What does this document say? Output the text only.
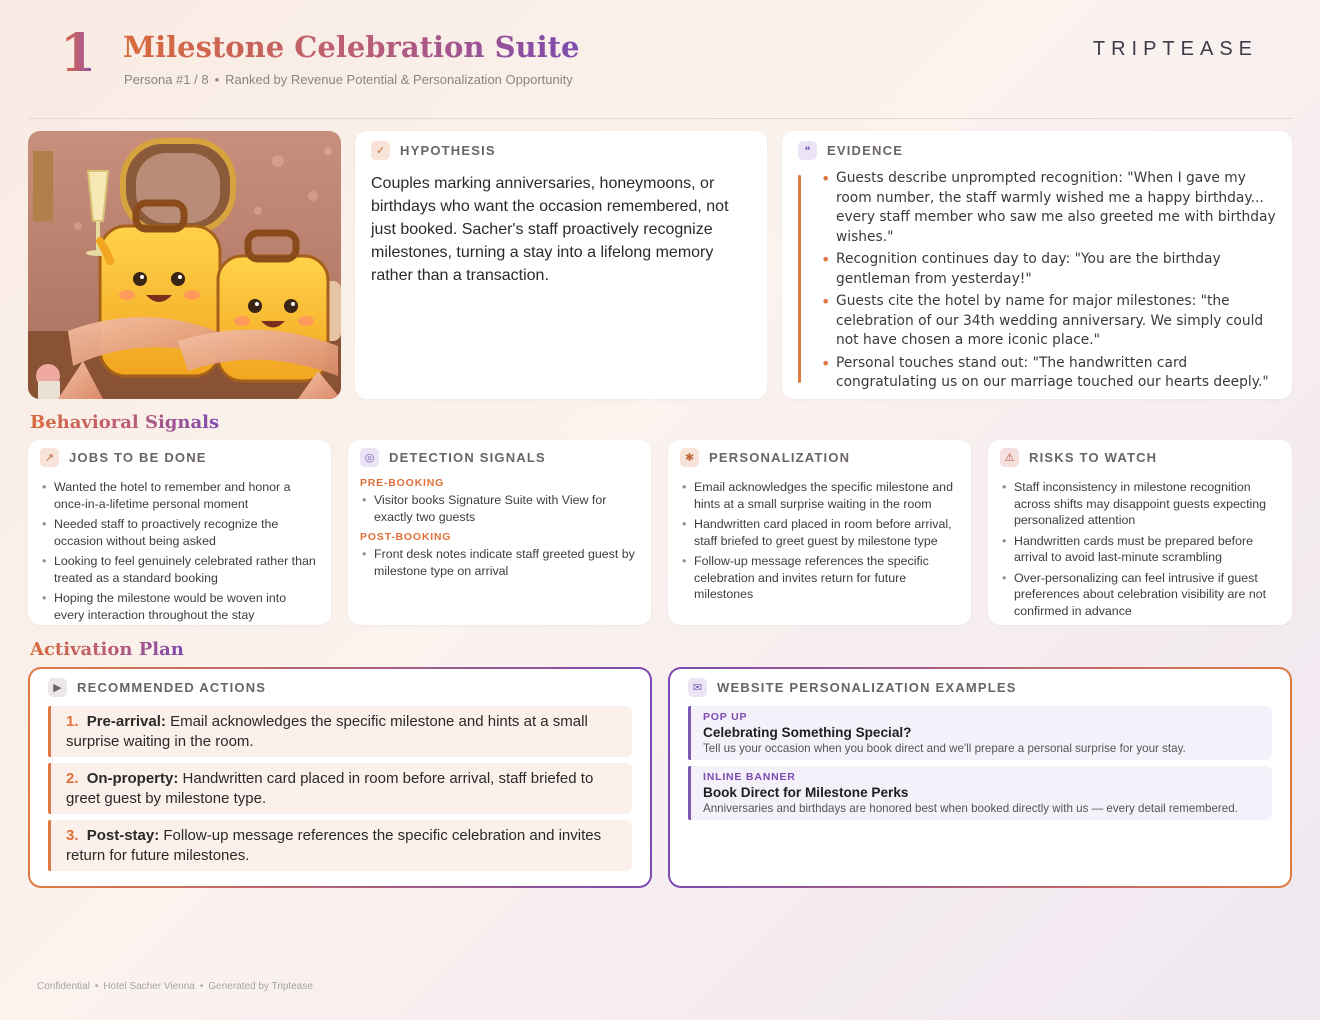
1 Milestone Celebration Suite
Persona #1 / 8 • Ranked by Revenue Potential & Personalization Opportunity
TRIPTEASE
✓	HYPOTHESIS

Couples marking anniversaries, honeymoons, or birthdays who want the occasion remembered, not just booked. Sacher's staff proactively recognize milestones, turning a stay into a lifelong memory rather than a transaction.

❝	EVIDENCE
• Guests describe unprompted recognition: "When I gave my room number, the staff warmly wished me a happy birthday... every staff member who saw me also greeted me with birthday wishes."
• Recognition continues day to day: "You are the birthday gentleman from yesterday!"
• Guests cite the hotel by name for major milestones: "the celebration of our 34th wedding anniversary. We simply could not have chosen a more iconic place."
• Personal touches stand out: "The handwritten card congratulating us on our marriage touched our hearts deeply."
Behavioral Signals
↗	JOBS TO BE DONE
• Wanted the hotel to remember and honor a once-in-a-lifetime personal moment
• Needed staff to proactively recognize the occasion without being asked
• Looking to feel genuinely celebrated rather than treated as a standard booking
• Hoping the milestone would be woven into every interaction throughout the stay
◎	DETECTION SIGNALS
PRE-BOOKING
• Visitor books Signature Suite with View for exactly two guests
POST-BOOKING
• Front desk notes indicate staff greeted guest by milestone type on arrival
✱	PERSONALIZATION
• Email acknowledges the specific milestone and hints at a small surprise waiting in the room
• Handwritten card placed in room before arrival, staff briefed to greet guest by milestone type
• Follow-up message references the specific celebration and invites return for future milestones
⚠	RISKS TO WATCH
• Staff inconsistency in milestone recognition across shifts may disappoint guests expecting personalized attention
• Handwritten cards must be prepared before arrival to avoid last-minute scrambling
• Over-personalizing can feel intrusive if guest preferences about celebration visibility are not confirmed in advance
Activation Plan
▶	RECOMMENDED ACTIONS
1. Pre-arrival: Email acknowledges the specific milestone and hints at a small surprise waiting in the room.
2. On-property: Handwritten card placed in room before arrival, staff briefed to greet guest by milestone type.
3. Post-stay: Follow-up message references the specific celebration and invites return for future milestones.
✉	WEBSITE PERSONALIZATION EXAMPLES
POP UP
Celebrating Something Special?
Tell us your occasion when you book direct and we'll prepare a personal surprise for your stay.
INLINE BANNER
Book Direct for Milestone Perks
Anniversaries and birthdays are honored best when booked directly with us — every detail remembered.
Confidential • Hotel Sacher Vienna • Generated by Triptease
